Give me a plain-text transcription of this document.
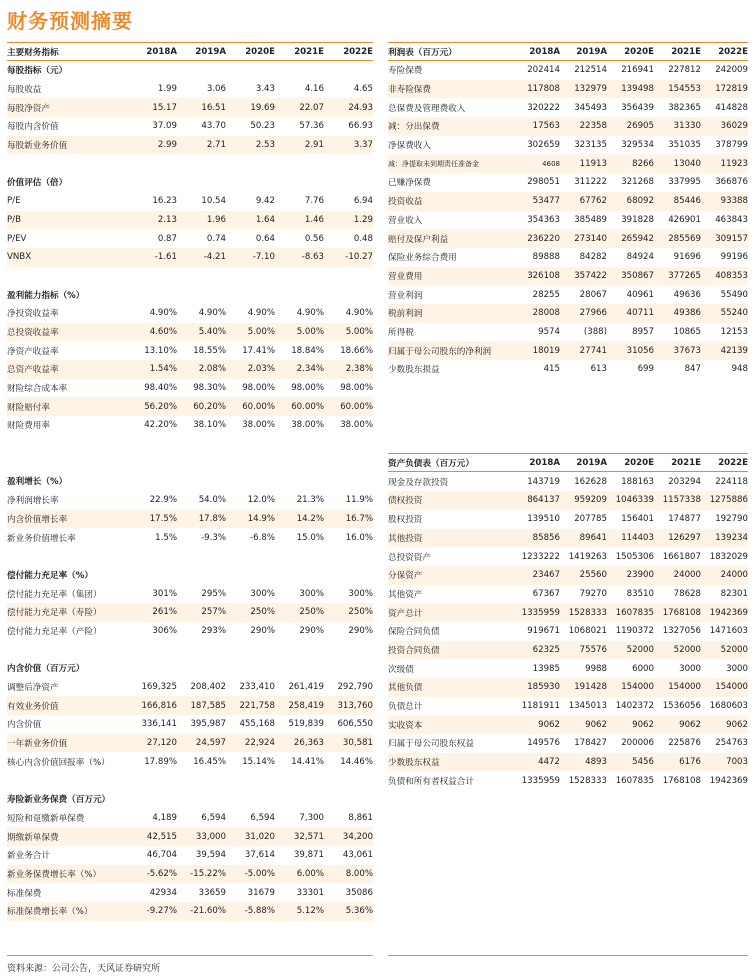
财务预测摘要
主要财务指标	2018A	2019A	2020E	2021E	2022E
每股指标（元）
每股收益	1.99	3.06	3.43	4.16	4.65
每股净资产	15.17	16.51	19.69	22.07	24.93
每股内含价值	37.09	43.70	50.23	57.36	66.93
每股新业务价值	2.99	2.71	2.53	2.91	3.37
价值评估（倍）
P/E	16.23	10.54	9.42	7.76	6.94
P/B	2.13	1.96	1.64	1.46	1.29
P/EV	0.87	0.74	0.64	0.56	0.48
VNBX	-1.61	-4.21	-7.10	-8.63	-10.27
盈利能力指标（%）
净投资收益率	4.90%	4.90%	4.90%	4.90%	4.90%
总投资收益率	4.60%	5.40%	5.00%	5.00%	5.00%
净资产收益率	13.10%	18.55%	17.41%	18.84%	18.66%
总资产收益率	1.54%	2.08%	2.03%	2.34%	2.38%
财险综合成本率	98.40%	98.30%	98.00%	98.00%	98.00%
财险赔付率	56.20%	60.20%	60.00%	60.00%	60.00%
财险费用率	42.20%	38.10%	38.00%	38.00%	38.00%
盈利增长（%）
净利润增长率	22.9%	54.0%	12.0%	21.3%	11.9%
内含价值增长率	17.5%	17.8%	14.9%	14.2%	16.7%
新业务价值增长率	1.5%	-9.3%	-6.8%	15.0%	16.0%
偿付能力充足率（%）
偿付能力充足率（集团）	301%	295%	300%	300%	300%
偿付能力充足率（寿险）	261%	257%	250%	250%	250%
偿付能力充足率（产险）	306%	293%	290%	290%	290%
内含价值（百万元）
调整后净资产	169,325	208,402	233,410	261,419	292,790
有效业务价值	166,816	187,585	221,758	258,419	313,760
内含价值	336,141	395,987	455,168	519,839	606,550
一年新业务价值	27,120	24,597	22,924	26,363	30,581
核心内含价值回报率（%）	17.89%	16.45%	15.14%	14.41%	14.46%
寿险新业务保费（百万元）
短险和趸缴新单保费	4,189	6,594	6,594	7,300	8,861
期缴新单保费	42,515	33,000	31,020	32,571	34,200
新业务合计	46,704	39,594	37,614	39,871	43,061
新业务保费增长率（%）	-5.62%	-15.22%	-5.00%	6.00%	8.00%
标准保费	42934	33659	31679	33301	35086
标准保费增长率（%）	-9.27%	-21.60%	-5.88%	5.12%	5.36%
利润表（百万元）	2018A	2019A	2020E	2021E	2022E
寿险保费	202414	212514	216941	227812	242009
非寿险保费	117808	132979	139498	154553	172819
总保费及管理费收入	320222	345493	356439	382365	414828
减：分出保费	17563	22358	26905	31330	36029
净保费收入	302659	323135	329534	351035	378799
减：净提取未到期责任准备金	4608	11913	8266	13040	11923
已赚净保费	298051	311222	321268	337995	366876
投资收益	53477	67762	68092	85446	93388
营业收入	354363	385489	391828	426901	463843
赔付及保户利益	236220	273140	265942	285569	309157
保险业务综合费用	89888	84282	84924	91696	99196
营业费用	326108	357422	350867	377265	408353
营业利润	28255	28067	40961	49636	55490
税前利润	28008	27966	40711	49386	55240
所得税	9574	(388)	8957	10865	12153
归属于母公司股东的净利润	18019	27741	31056	37673	42139
少数股东损益	415	613	699	847	948
资产负债表（百万元）	2018A	2019A	2020E	2021E	2022E
现金及存款投资	143719	162628	188163	203294	224118
债权投资	864137	959209	1046339	1157338	1275886
股权投资	139510	207785	156401	174877	192790
其他投资	85856	89641	114403	126297	139234
总投资资产	1233222	1419263	1505306	1661807	1832029
分保资产	23467	25560	23900	24000	24000
其他资产	67367	79270	83510	78628	82301
资产总计	1335959	1528333	1607835	1768108	1942369
保险合同负债	919671	1068021	1190372	1327056	1471603
投资合同负债	62325	75576	52000	52000	52000
次级债	13985	9988	6000	3000	3000
其他负债	185930	191428	154000	154000	154000
负债总计	1181911	1345013	1402372	1536056	1680603
实收资本	9062	9062	9062	9062	9062
归属于母公司股东权益	149576	178427	200006	225876	254763
少数股东权益	4472	4893	5456	6176	7003
负债和所有者权益合计	1335959	1528333	1607835	1768108	1942369
资料来源：公司公告，天风证券研究所
